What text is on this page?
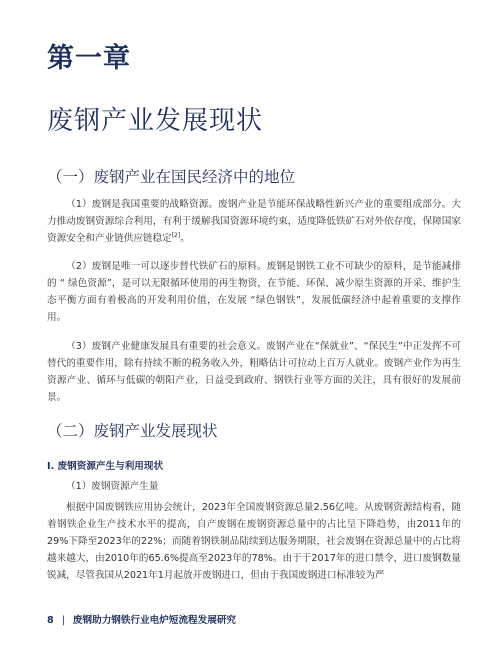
第一章
废钢产业发展现状
（一）废钢产业在国民经济中的地位

（1）废钢是我国重要的战略资源。废钢产业是节能环保战略性新兴产业的重要组成部分。大力推动废钢资源综合利用，有利于缓解我国资源环境约束，适度降低铁矿石对外依存度，保障国家资源安全和产业链供应链稳定[2]。

（2）废钢是唯一可以逐步替代铁矿石的原料。废钢是钢铁工业不可缺少的原料，是节能减排的 “ 绿色资源”，是可以无限循环使用的再生物资，在节能、环保、减少原生资源的开采、维护生态平衡方面有着极高的开发利用价值，在发展 “绿色钢铁”，发展低碳经济中起着重要的支撑作用。

（3）废钢产业健康发展具有重要的社会意义。废钢产业在“保就业”、“保民生”中正发挥不可替代的重要作用，除有持续不断的税务收入外，粗略估计可拉动上百万人就业。废钢产业作为再生资源产业、循环与低碳的朝阳产业，日益受到政府、钢铁行业等方面的关注，具有很好的发展前景。

（二）废钢产业发展现状
I. 废钢资源产生与利用现状
（1）废钢资源产生量

根据中国废钢铁应用协会统计，2023年全国废钢资源总量2.56亿吨。从废钢资源结构看，随着钢铁企业生产技术水平的提高，自产废钢在废钢资源总量中的占比呈下降趋势，由2011年的29%下降至2023年的22%；而随着钢铁制品陆续到达服务期限，社会废钢在资源总量中的占比将越来越大，由2010年的65.6%提高至2023年的78%。由于于2017年的进口禁令，进口废钢数量锐减，尽管我国从2021年1月起放开废钢进口，但由于我国废钢进口标准较为严

8 | 废钢助力钢铁行业电炉短流程发展研究
